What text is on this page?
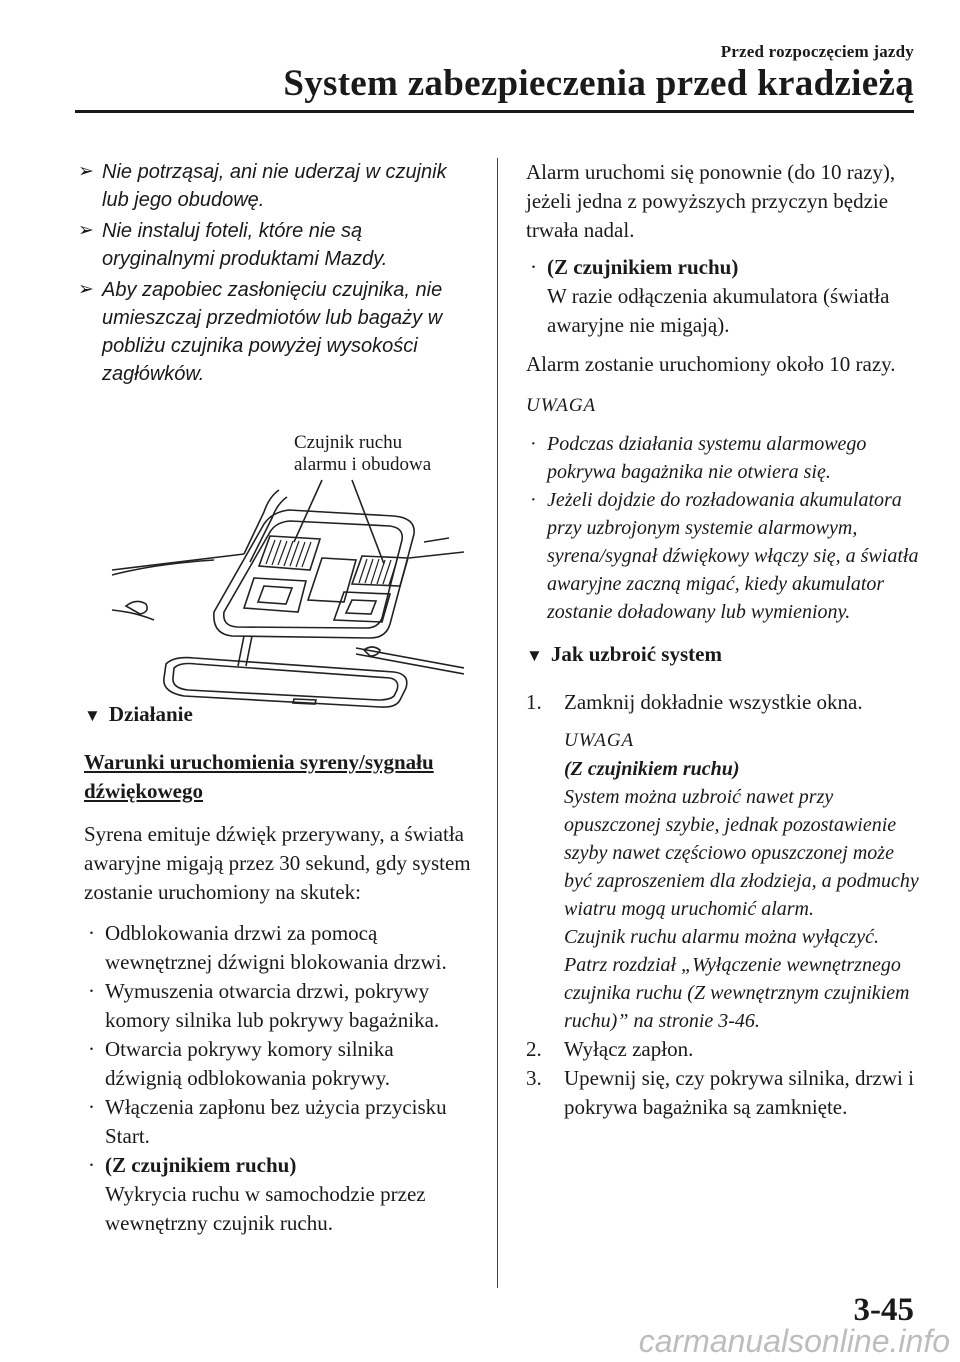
Przed rozpoczęciem jazdy
System zabezpieczenia przed kradzieżą
➢ Nie potrząsaj, ani nie uderzaj w czujnik lub jego obudowę.
➢ Nie instaluj foteli, które nie są oryginalnymi produktami Mazdy.
➢ Aby zapobiec zasłonięciu czujnika, nie umieszczaj przedmiotów lub bagaży w pobliżu czujnika powyżej wysokości zagłówków.
Czujnik ruchu alarmu i obudowa
▼ Działanie
Warunki uruchomienia syreny/sygnału dźwiękowego
Syrena emituje dźwięk przerywany, a światła awaryjne migają przez 30 sekund, gdy system zostanie uruchomiony na skutek:
· Odblokowania drzwi za pomocą wewnętrznej dźwigni blokowania drzwi.
· Wymuszenia otwarcia drzwi, pokrywy komory silnika lub pokrywy bagażnika.
· Otwarcia pokrywy komory silnika dźwignią odblokowania pokrywy.
· Włączenia zapłonu bez użycia przycisku Start.
· (Z czujnikiem ruchu)
Wykrycia ruchu w samochodzie przez wewnętrzny czujnik ruchu.
Alarm uruchomi się ponownie (do 10 razy), jeżeli jedna z powyższych przyczyn będzie trwała nadal.
· (Z czujnikiem ruchu)
W razie odłączenia akumulatora (światła awaryjne nie migają).
Alarm zostanie uruchomiony około 10 razy.
UWAGA
· Podczas działania systemu alarmowego pokrywa bagażnika nie otwiera się.
· Jeżeli dojdzie do rozładowania akumulatora przy uzbrojonym systemie alarmowym, syrena/sygnał dźwiękowy włączy się, a światła awaryjne zaczną migać, kiedy akumulator zostanie doładowany lub wymieniony.
▼ Jak uzbroić system
1. Zamknij dokładnie wszystkie okna.
UWAGA
(Z czujnikiem ruchu)
System można uzbroić nawet przy opuszczonej szybie, jednak pozostawienie szyby nawet częściowo opuszczonej może być zaproszeniem dla złodzieja, a podmuchy wiatru mogą uruchomić alarm.
Czujnik ruchu alarmu można wyłączyć. Patrz rozdział „Wyłączenie wewnętrznego czujnika ruchu (Z wewnętrznym czujnikiem ruchu)” na stronie 3-46.
2. Wyłącz zapłon.
3. Upewnij się, czy pokrywa silnika, drzwi i pokrywa bagażnika są zamknięte.
3-45
carmanualsonline.info
